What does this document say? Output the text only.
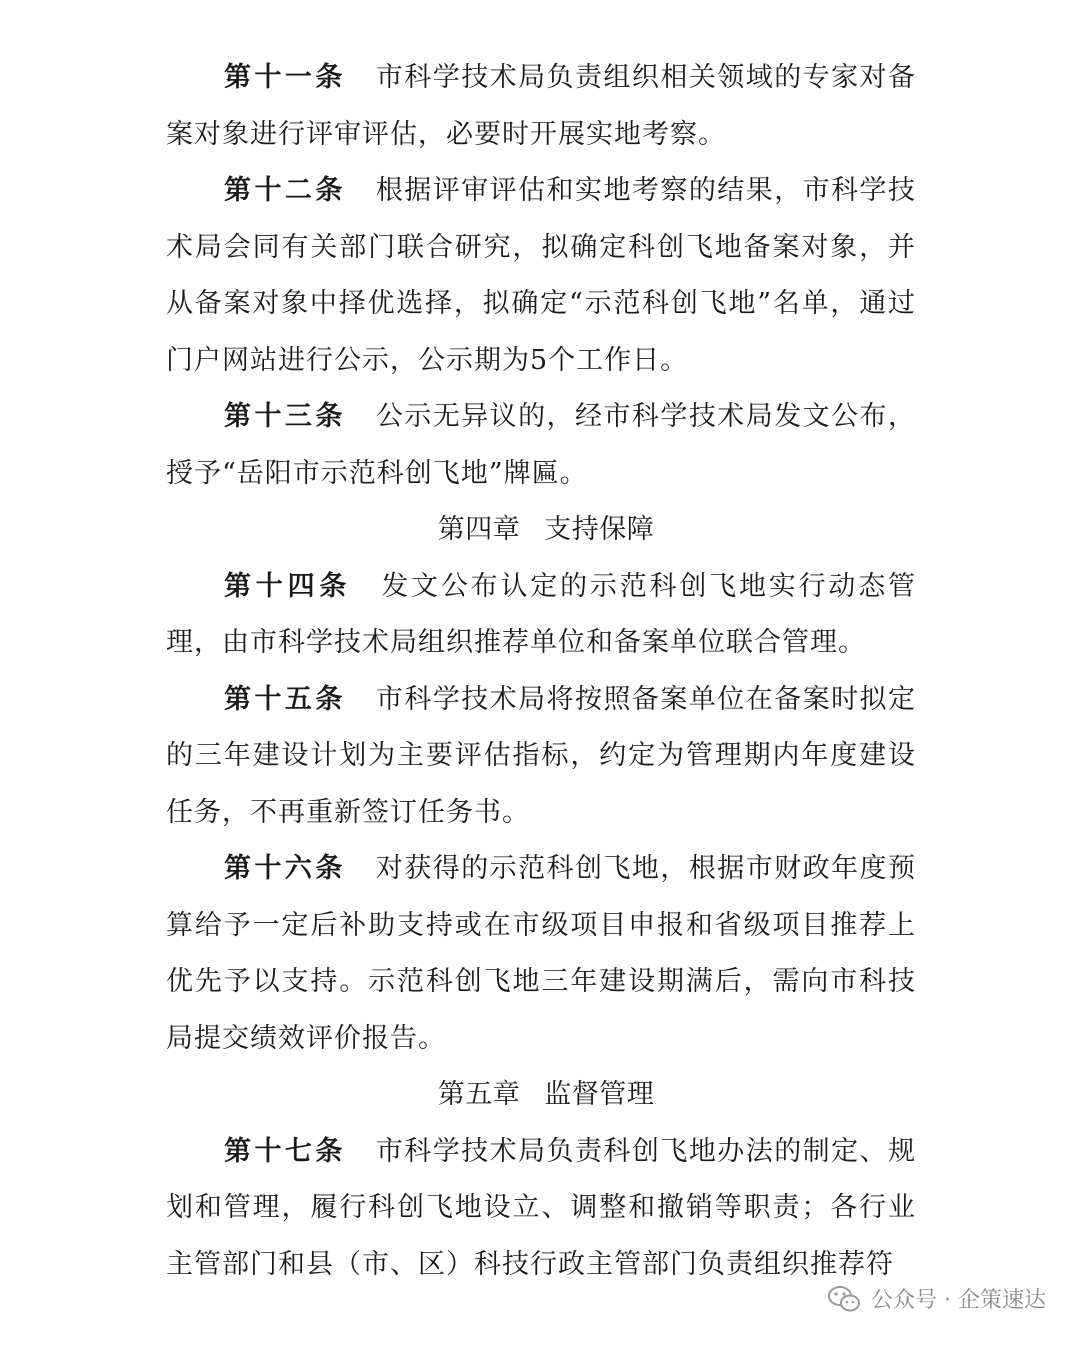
第十一条 市科学技术局负责组织相关领域的专家对备案对象进行评审评估，必要时开展实地考察。

第十二条 根据评审评估和实地考察的结果，市科学技术局会同有关部门联合研究，拟确定科创飞地备案对象，并从备案对象中择优选择，拟确定“示范科创飞地”名单，通过门户网站进行公示，公示期为5个工作日。

第十三条 公示无异议的，经市科学技术局发文公布，授予“岳阳市示范科创飞地”牌匾。

第四章 支持保障

第十四条 发文公布认定的示范科创飞地实行动态管理，由市科学技术局组织推荐单位和备案单位联合管理。

第十五条 市科学技术局将按照备案单位在备案时拟定的三年建设计划为主要评估指标，约定为管理期内年度建设任务，不再重新签订任务书。

第十六条 对获得的示范科创飞地，根据市财政年度预算给予一定后补助支持或在市级项目申报和省级项目推荐上优先予以支持。示范科创飞地三年建设期满后，需向市科技局提交绩效评价报告。

第五章 监督管理

第十七条 市科学技术局负责科创飞地办法的制定、规划和管理，履行科创飞地设立、调整和撤销等职责；各行业主管部门和县（市、区）科技行政主管部门负责组织推荐符

公众号 · 企策速达
